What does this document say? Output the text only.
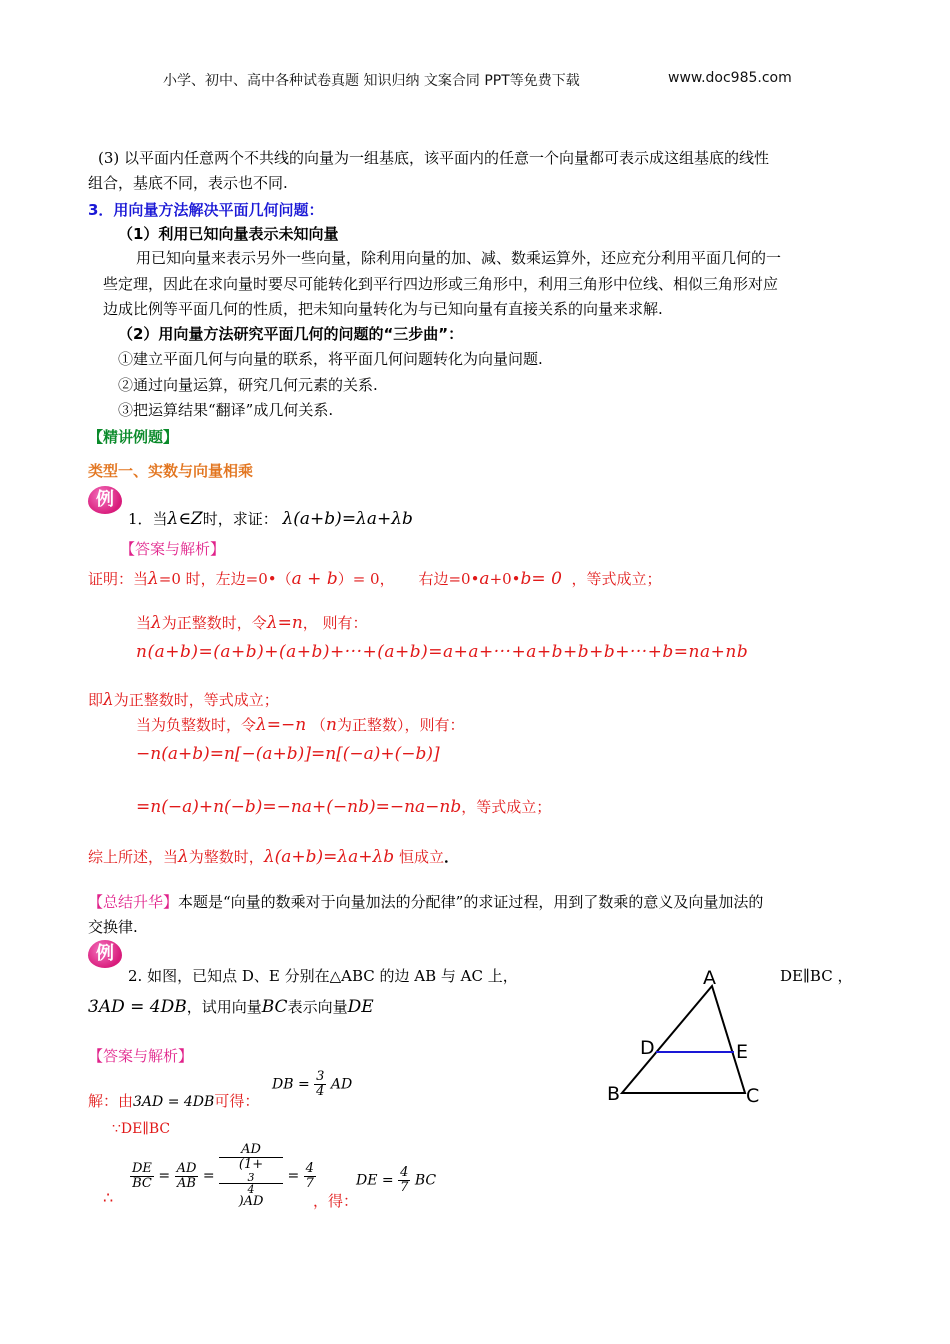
小学、初中、高中各种试卷真题 知识归纳 文案合同 PPT等免费下载	www.doc985.com
(3) 以平面内任意两个不共线的向量为一组基底，该平面内的任意一个向量都可表示成这组基底的线性
组合，基底不同，表示也不同.
3．用向量方法解决平面几何问题：
（1）利用已知向量表示未知向量
用已知向量来表示另外一些向量，除利用向量的加、减、数乘运算外，还应充分利用平面几何的一
些定理，因此在求向量时要尽可能转化到平行四边形或三角形中，利用三角形中位线、相似三角形对应
边成比例等平面几何的性质，把未知向量转化为与已知向量有直接关系的向量来求解.
（2）用向量方法研究平面几何的问题的“三步曲”：
①建立平面几何与向量的联系，将平面几何问题转化为向量问题.
②通过向量运算，研究几何元素的关系.
③把运算结果“翻译”成几何关系.
【精讲例题】
类型一、实数与向量相乘
例
1．当λ∈Z时，求证： λ(a+b)=λa+λb
【答案与解析】
证明：当λ=0 时，左边=0•（a + b）= 0， 右边=0•a+0•b= 0 ，等式成立；
当λ为正整数时，令λ=n， 则有：
n(a+b)=(a+b)+(a+b)+···+(a+b)=a+a+···+a+b+b+b+···+b=na+nb
即λ为正整数时，等式成立；
当为负整数时，令λ=−n （n为正整数），则有：
−n(a+b)=n[−(a+b)]=n[(−a)+(−b)]
=n(−a)+n(−b)=−na+(−nb)=−na−nb，等式成立；
综上所述，当λ为整数时，λ(a+b)=λa+λb 恒成立．
【总结升华】本题是“向量的数乘对于向量加法的分配律”的求证过程，用到了数乘的意义及向量加法的
交换律.
例
2. 如图，已知点 D、E 分别在△ABC 的边 AB 与 AC 上，	DE∥BC ，
3AD = 4DB，试用向量BC表示向量DE
【答案与解析】
解：由3AD = 4DB可得：
DB = $\frac{3}{4}$ AD
∵DE∥BC
$\frac{DE}{BC} = \frac{AD}{AB}$ = AD
(1+
3
4
)$AD = \frac{4}{7}$
∴	，得：
DE = $\frac{4}{7}$ BC
A
B	C
D	E
